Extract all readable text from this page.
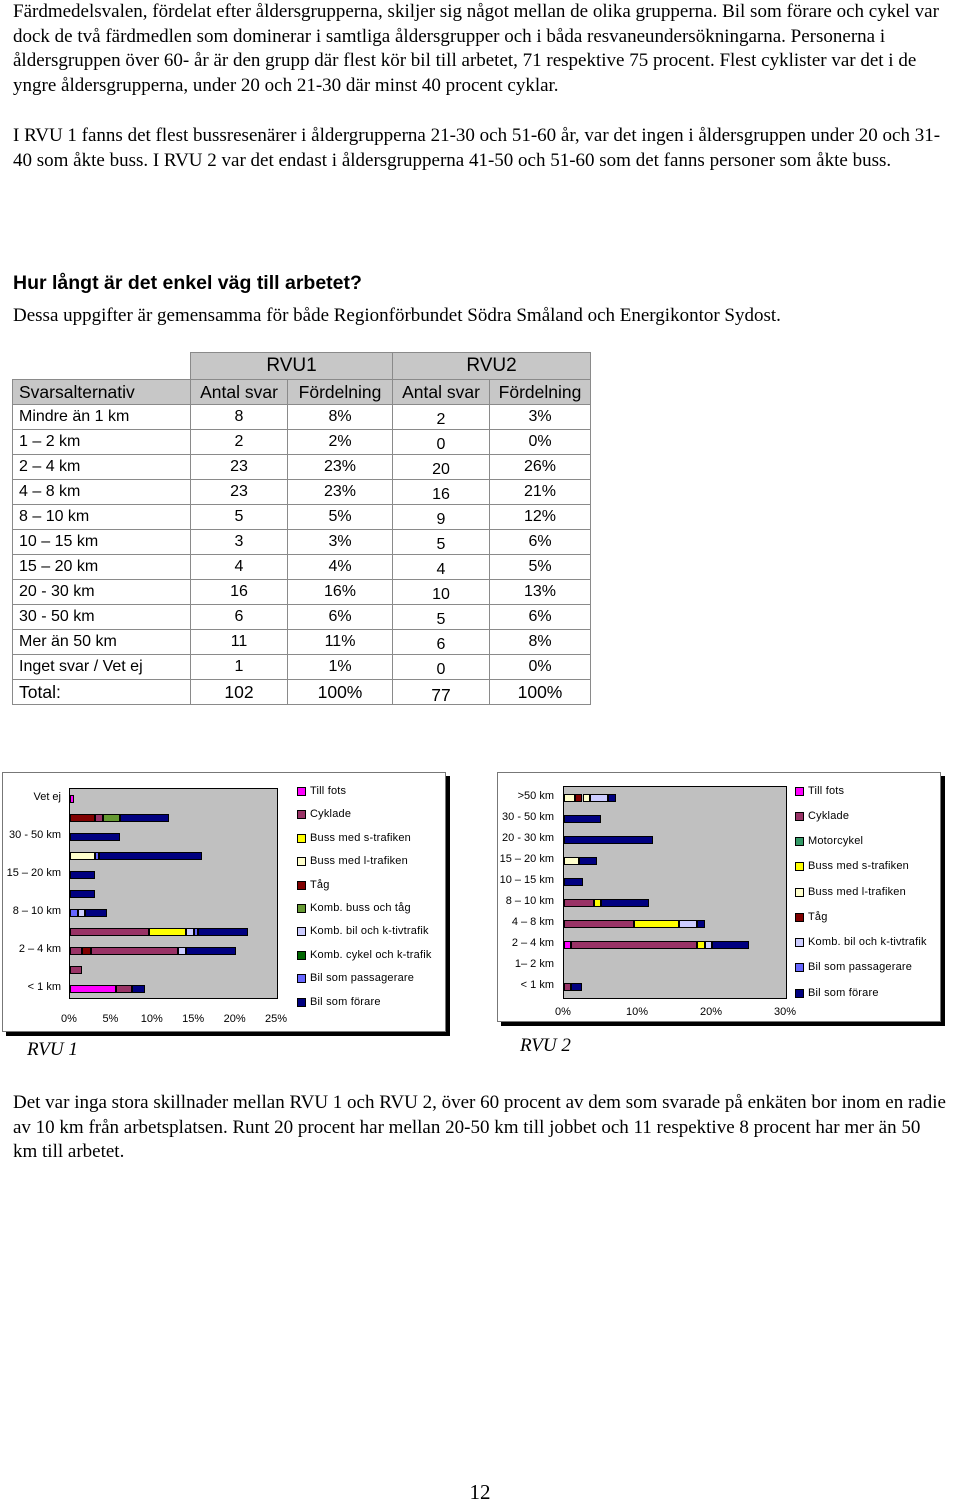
Färdmedelsvalen, fördelat efter åldersgrupperna, skiljer sig något mellan de olika grupperna. Bil som förare och cykel var dock de två färdmedlen som dominerar i samtliga åldersgrupper och i båda resvaneundersökningarna. Personerna i åldersgruppen över 60- år är den grupp där flest kör bil till arbetet, 71 respektive 75 procent. Flest cyklister var det i de yngre åldersgrupperna, under 20 och 21-30 där minst 40 procent cyklar.

I RVU 1 fanns det flest bussresenärer i åldergrupperna 21-30 och 51-60 år, var det ingen i åldersgruppen under 20 och 31-40 som åkte buss. I RVU 2 var det endast i åldersgrupperna 41-50 och 51-60 som det fanns personer som åkte buss.

Hur långt är det enkel väg till arbetet?

Dessa uppgifter är gemensamma för både Regionförbundet Södra Småland och Energikontor Sydost.

	RVU1		RVU2	
Svarsalternativ	Antal svar	Fördelning	Antal svar	Fördelning
Mindre än 1 km	8	8%	2	3%
1 – 2 km	2	2%	0	0%
2 – 4 km	23	23%	20	26%
4 – 8 km	23	23%	16	21%
8 – 10 km	5	5%	9	12%
10 – 15 km	3	3%	5	6%
15 – 20 km	4	4%	4	5%
20 - 30 km	16	16%	10	13%
30 - 50 km	6	6%	5	6%
Mer än 50 km	11	11%	6	8%
Inget svar / Vet ej	1	1%	0	0%
Total:	102	100%	77	100%
Vet ej
30 - 50 km
15 – 20 km
8 – 10 km
2 – 4 km
< 1 km
0% 5% 10% 15% 20% 25%
Till fots
Cyklade
Buss med s-trafiken
Buss med l-trafiken
Tåg
Komb. buss och tåg
Komb. bil och k-tivtrafik
Komb. cykel och k-trafik
Bil som passagerare
Bil som förare
RVU 1
>50 km
30 - 50 km
20 - 30 km
15 – 20 km
10 – 15 km
8 – 10 km
4 – 8 km
2 – 4 km
1– 2 km
< 1 km
0%	10%	20%	30%
Till fots
Cyklade
Motorcykel
Buss med s-trafiken
Buss med l-trafiken
Tåg
Komb. bil och k-tivtrafik
Bil som passagerare
Bil som förare
RVU 2

Det var inga stora skillnader mellan RVU 1 och RVU 2, över 60 procent av dem som svarade på enkäten bor inom en radie av 10 km från arbetsplatsen. Runt 20 procent har mellan 20-50 km till jobbet och 11 respektive 8 procent har mer än 50 km till arbetet.

12
